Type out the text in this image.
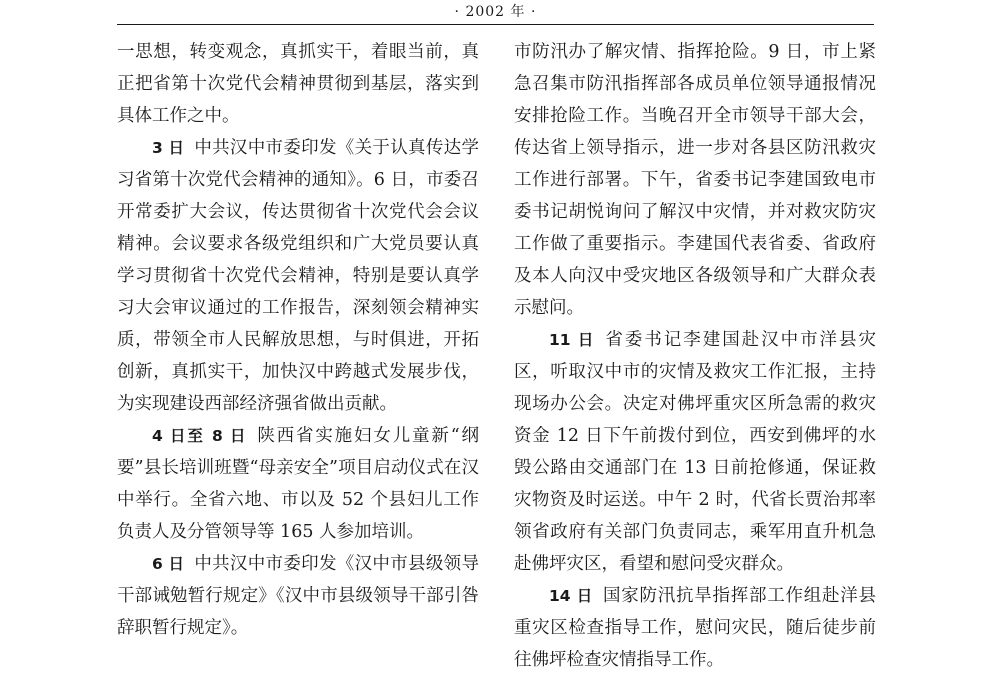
· 2002 年 ·

一思想，转变观念，真抓实干，着眼当前，真正把省第十次党代会精神贯彻到基层，落实到具体工作之中。

3 日 中共汉中市委印发《关于认真传达学习省第十次党代会精神的通知》。6 日，市委召开常委扩大会议，传达贯彻省十次党代会会议精神。会议要求各级党组织和广大党员要认真学习贯彻省十次党代会精神，特别是要认真学习大会审议通过的工作报告，深刻领会精神实质，带领全市人民解放思想，与时俱进，开拓创新，真抓实干，加快汉中跨越式发展步伐，为实现建设西部经济强省做出贡献。

4 日至 8 日 陕西省实施妇女儿童新“纲要”县长培训班暨“母亲安全”项目启动仪式在汉中举行。全省六地、市以及 52 个县妇儿工作负责人及分管领导等 165 人参加培训。

6 日 中共汉中市委印发《汉中市县级领导干部诫勉暂行规定》《汉中市县级领导干部引咎辞职暂行规定》。

市防汛办了解灾情、指挥抢险。9 日，市上紧急召集市防汛指挥部各成员单位领导通报情况安排抢险工作。当晚召开全市领导干部大会，传达省上领导指示，进一步对各县区防汛救灾工作进行部署。下午，省委书记李建国致电市委书记胡悦询问了解汉中灾情，并对救灾防灾工作做了重要指示。李建国代表省委、省政府及本人向汉中受灾地区各级领导和广大群众表示慰问。

11 日 省委书记李建国赴汉中市洋县灾区，听取汉中市的灾情及救灾工作汇报，主持现场办公会。决定对佛坪重灾区所急需的救灾资金 12 日下午前拨付到位，西安到佛坪的水毁公路由交通部门在 13 日前抢修通，保证救灾物资及时运送。中午 2 时，代省长贾治邦率领省政府有关部门负责同志，乘军用直升机急赴佛坪灾区，看望和慰问受灾群众。

14 日 国家防汛抗旱指挥部工作组赴洋县重灾区检查指导工作，慰问灾民，随后徒步前往佛坪检查灾情指导工作。
